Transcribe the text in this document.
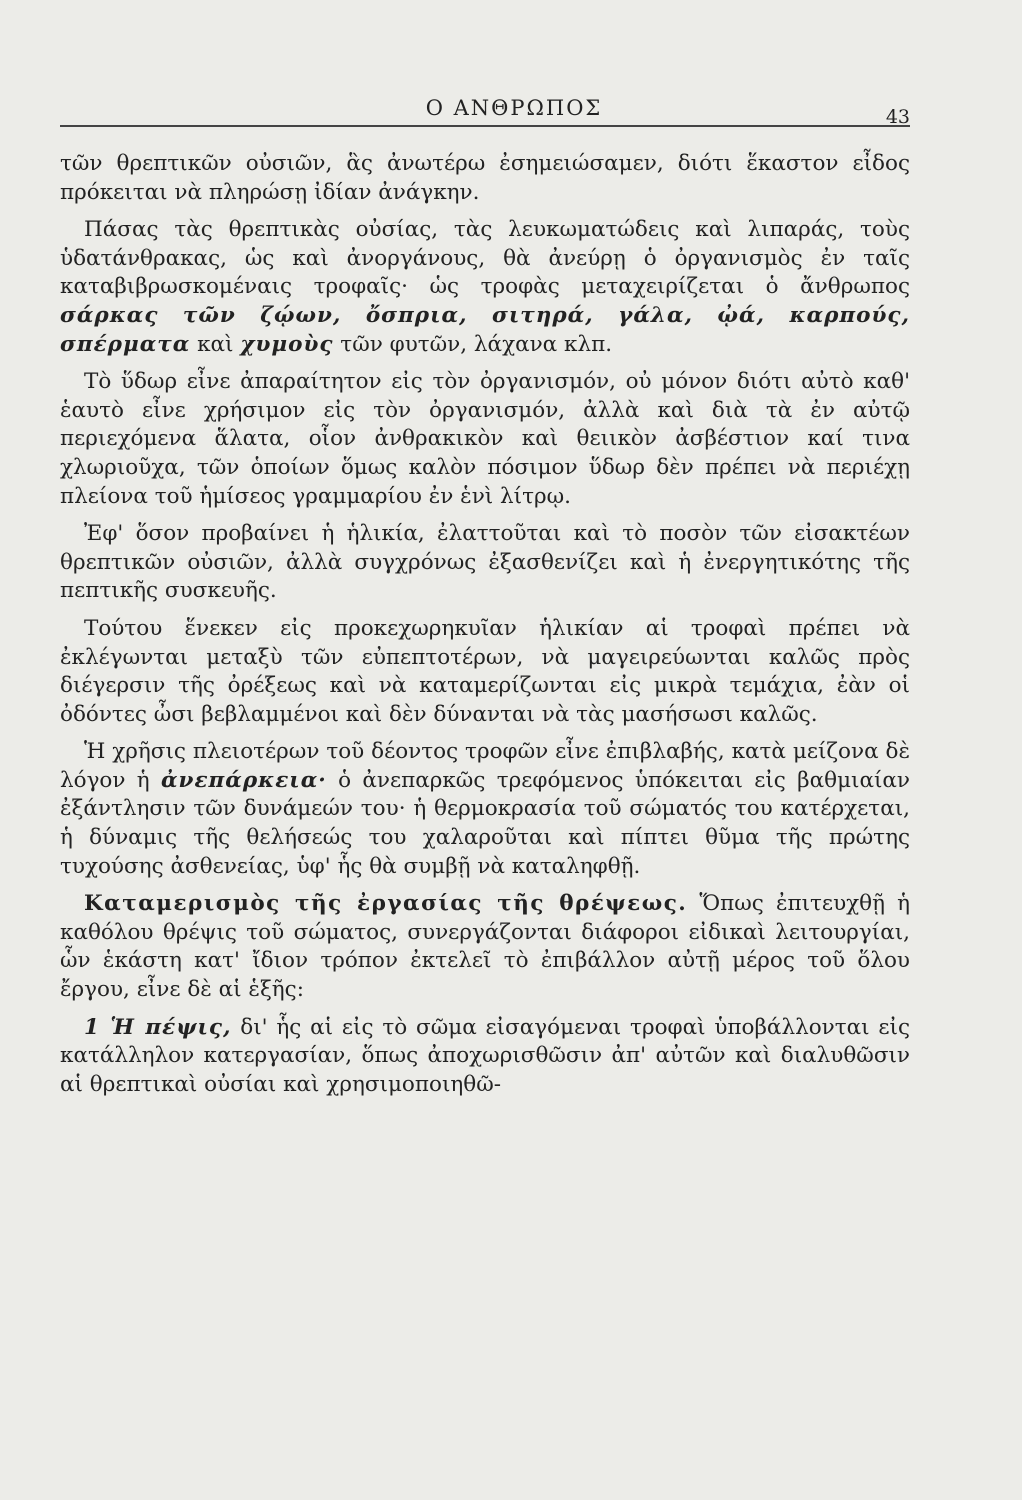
Ο ΑΝΘΡΩΠΟΣ	43

τῶν θρεπτικῶν οὐσιῶν, ἃς ἀνωτέρω ἐσημειώσαμεν, διότι ἕκαστον εἶδος πρόκειται νὰ πληρώσῃ ἰδίαν ἀνάγκην.

Πάσας τὰς θρεπτικὰς οὐσίας, τὰς λευκωματώδεις καὶ λιπαράς, τοὺς ὑδατάνθρακας, ὡς καὶ ἀνοργάνους, θὰ ἀνεύρῃ ὁ ὀργανισμὸς ἐν ταῖς καταβιβρωσκομέναις τροφαῖς· ὡς τροφὰς μεταχειρίζεται ὁ ἄνθρωπος σάρκας τῶν ζῴων, ὄσπρια, σιτηρά, γάλα, ᾠά, καρπούς, σπέρματα καὶ χυμοὺς τῶν φυτῶν, λάχανα κλπ.

Τὸ ὕδωρ εἶνε ἀπαραίτητον εἰς τὸν ὀργανισμόν, οὐ μόνον διότι αὐτὸ καθ' ἑαυτὸ εἶνε χρήσιμον εἰς τὸν ὀργανισμόν, ἀλλὰ καὶ διὰ τὰ ἐν αὐτῷ περιεχόμενα ἅλατα, οἷον ἀνθρακικὸν καὶ θειικὸν ἀσβέστιον καί τινα χλωριοῦχα, τῶν ὁποίων ὅμως καλὸν πόσιμον ὕδωρ δὲν πρέπει νὰ περιέχῃ πλείονα τοῦ ἡμίσεος γραμμαρίου ἐν ἑνὶ λίτρῳ.

Ἐφ' ὅσον προβαίνει ἡ ἡλικία, ἐλαττοῦται καὶ τὸ ποσὸν τῶν εἰσακτέων θρεπτικῶν οὐσιῶν, ἀλλὰ συγχρόνως ἐξασθενίζει καὶ ἡ ἐνεργητικότης τῆς πεπτικῆς συσκευῆς.

Τούτου ἕνεκεν εἰς προκεχωρηκυῖαν ἡλικίαν αἱ τροφαὶ πρέπει νὰ ἐκλέγωνται μεταξὺ τῶν εὐπεπτοτέρων, νὰ μαγειρεύωνται καλῶς πρὸς διέγερσιν τῆς ὀρέξεως καὶ νὰ καταμερίζωνται εἰς μικρὰ τεμάχια, ἐὰν οἱ ὀδόντες ὦσι βεβλαμμένοι καὶ δὲν δύνανται νὰ τὰς μασήσωσι καλῶς.

Ἡ χρῆσις πλειοτέρων τοῦ δέοντος τροφῶν εἶνε ἐπιβλαβής, κατὰ μείζονα δὲ λόγον ἡ ἀνεπάρκεια· ὁ ἀνεπαρκῶς τρεφόμενος ὑπόκειται εἰς βαθμιαίαν ἐξάντλησιν τῶν δυνάμεών του· ἡ θερμοκρασία τοῦ σώματός του κατέρχεται, ἡ δύναμις τῆς θελήσεώς του χαλαροῦται καὶ πίπτει θῦμα τῆς πρώτης τυχούσης ἀσθενείας, ὑφ' ἧς θὰ συμβῇ νὰ καταληφθῇ.

Καταμερισμὸς τῆς ἐργασίας τῆς θρέψεως. Ὅπως ἐπιτευχθῇ ἡ καθόλου θρέψις τοῦ σώματος, συνεργάζονται διάφοροι εἰδικαὶ λειτουργίαι, ὧν ἑκάστη κατ' ἴδιον τρόπον ἐκτελεῖ τὸ ἐπιβάλλον αὐτῇ μέρος τοῦ ὅλου ἔργου, εἶνε δὲ αἱ ἑξῆς:

1 Ἡ πέψις, δι' ἧς αἱ εἰς τὸ σῶμα εἰσαγόμεναι τροφαὶ ὑποβάλλονται εἰς κατάλληλον κατεργασίαν, ὅπως ἀποχωρισθῶσιν ἀπ' αὐτῶν καὶ διαλυθῶσιν αἱ θρεπτικαὶ οὐσίαι καὶ χρησιμοποιηθῶ-
